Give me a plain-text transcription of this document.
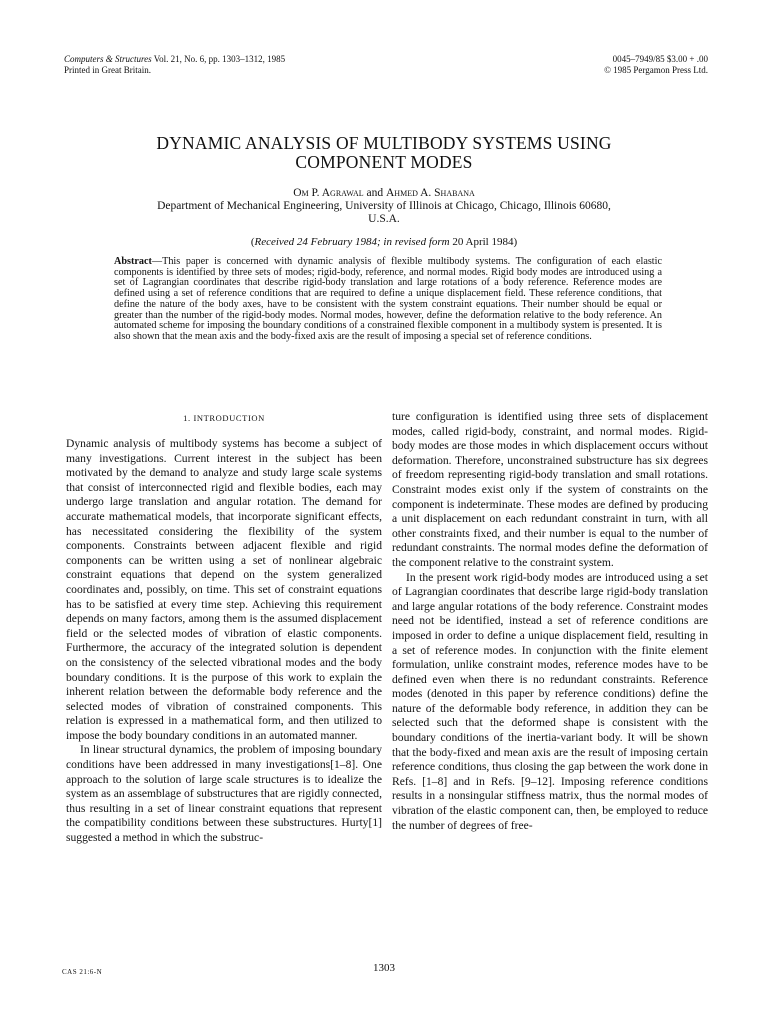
Computers & Structures Vol. 21, No. 6, pp. 1303–1312, 1985
Printed in Great Britain.
0045–7949/85 $3.00 + .00
© 1985 Pergamon Press Ltd.
DYNAMIC ANALYSIS OF MULTIBODY SYSTEMS USING
COMPONENT MODES
Om P. Agrawal and Ahmed A. Shabana
Department of Mechanical Engineering, University of Illinois at Chicago, Chicago, Illinois 60680,
U.S.A.
(Received 24 February 1984; in revised form 20 April 1984)
Abstract—This paper is concerned with dynamic analysis of flexible multibody systems. The configuration of each elastic components is identified by three sets of modes; rigid-body, reference, and normal modes. Rigid body modes are introduced using a set of Lagrangian coordinates that describe rigid-body translation and large rotations of a body reference. Reference modes are defined using a set of reference conditions that are required to define a unique displacement field. These reference conditions, that define the nature of the body axes, have to be consistent with the system constraint equations. Their number should be equal or greater than the number of the rigid-body modes. Normal modes, however, define the deformation relative to the body reference. An automated scheme for imposing the boundary conditions of a constrained flexible component in a multibody system is presented. It is also shown that the mean axis and the body-fixed axis are the result of imposing a special set of reference conditions.
1. INTRODUCTION

Dynamic analysis of multibody systems has become a subject of many investigations. Current interest in the subject has been motivated by the demand to analyze and study large scale systems that consist of interconnected rigid and flexible bodies, each may undergo large translation and angular rotation. The demand for accurate mathematical models, that incorporate significant effects, has necessitated considering the flexibility of the system components. Constraints between adjacent flexible and rigid components can be written using a set of nonlinear algebraic constraint equations that depend on the system generalized coordinates and, possibly, on time. This set of constraint equations has to be satisfied at every time step. Achieving this requirement depends on many factors, among them is the assumed displacement field or the selected modes of vibration of elastic components. Furthermore, the accuracy of the integrated solution is dependent on the consistency of the selected vibrational modes and the body boundary conditions. It is the purpose of this work to explain the inherent relation between the deformable body reference and the selected modes of vibration of constrained components. This relation is expressed in a mathematical form, and then utilized to impose the body boundary conditions in an automated manner.

In linear structural dynamics, the problem of imposing boundary conditions have been addressed in many investigations[1–8]. One approach to the solution of large scale structures is to idealize the system as an assemblage of substructures that are rigidly connected, thus resulting in a set of linear constraint equations that represent the compatibility conditions between these substructures. Hurty[1] suggested a method in which the substruc-

ture configuration is identified using three sets of displacement modes, called rigid-body, constraint, and normal modes. Rigid-body modes are those modes in which displacement occurs without deformation. Therefore, unconstrained substructure has six degrees of freedom representing rigid-body translation and small rotations. Constraint modes exist only if the system of constraints on the component is indeterminate. These modes are defined by producing a unit displacement on each redundant constraint in turn, with all other constraints fixed, and their number is equal to the number of redundant constraints. The normal modes define the deformation of the component relative to the constraint system.

In the present work rigid-body modes are introduced using a set of Lagrangian coordinates that describe large rigid-body translation and large angular rotations of the body reference. Constraint modes need not be identified, instead a set of reference conditions are imposed in order to define a unique displacement field, resulting in a set of reference modes. In conjunction with the finite element formulation, unlike constraint modes, reference modes have to be defined even when there is no redundant constraints. Reference modes (denoted in this paper by reference conditions) define the nature of the deformable body reference, in addition they can be selected such that the deformed shape is consistent with the boundary conditions of the inertia-variant body. It will be shown that the body-fixed and mean axis are the result of imposing certain reference conditions, thus closing the gap between the work done in Refs. [1–8] and in Refs. [9–12]. Imposing reference conditions results in a nonsingular stiffness matrix, thus the normal modes of vibration of the elastic component can, then, be employed to reduce the number of degrees of free-

CAS 21:6-N	1303
